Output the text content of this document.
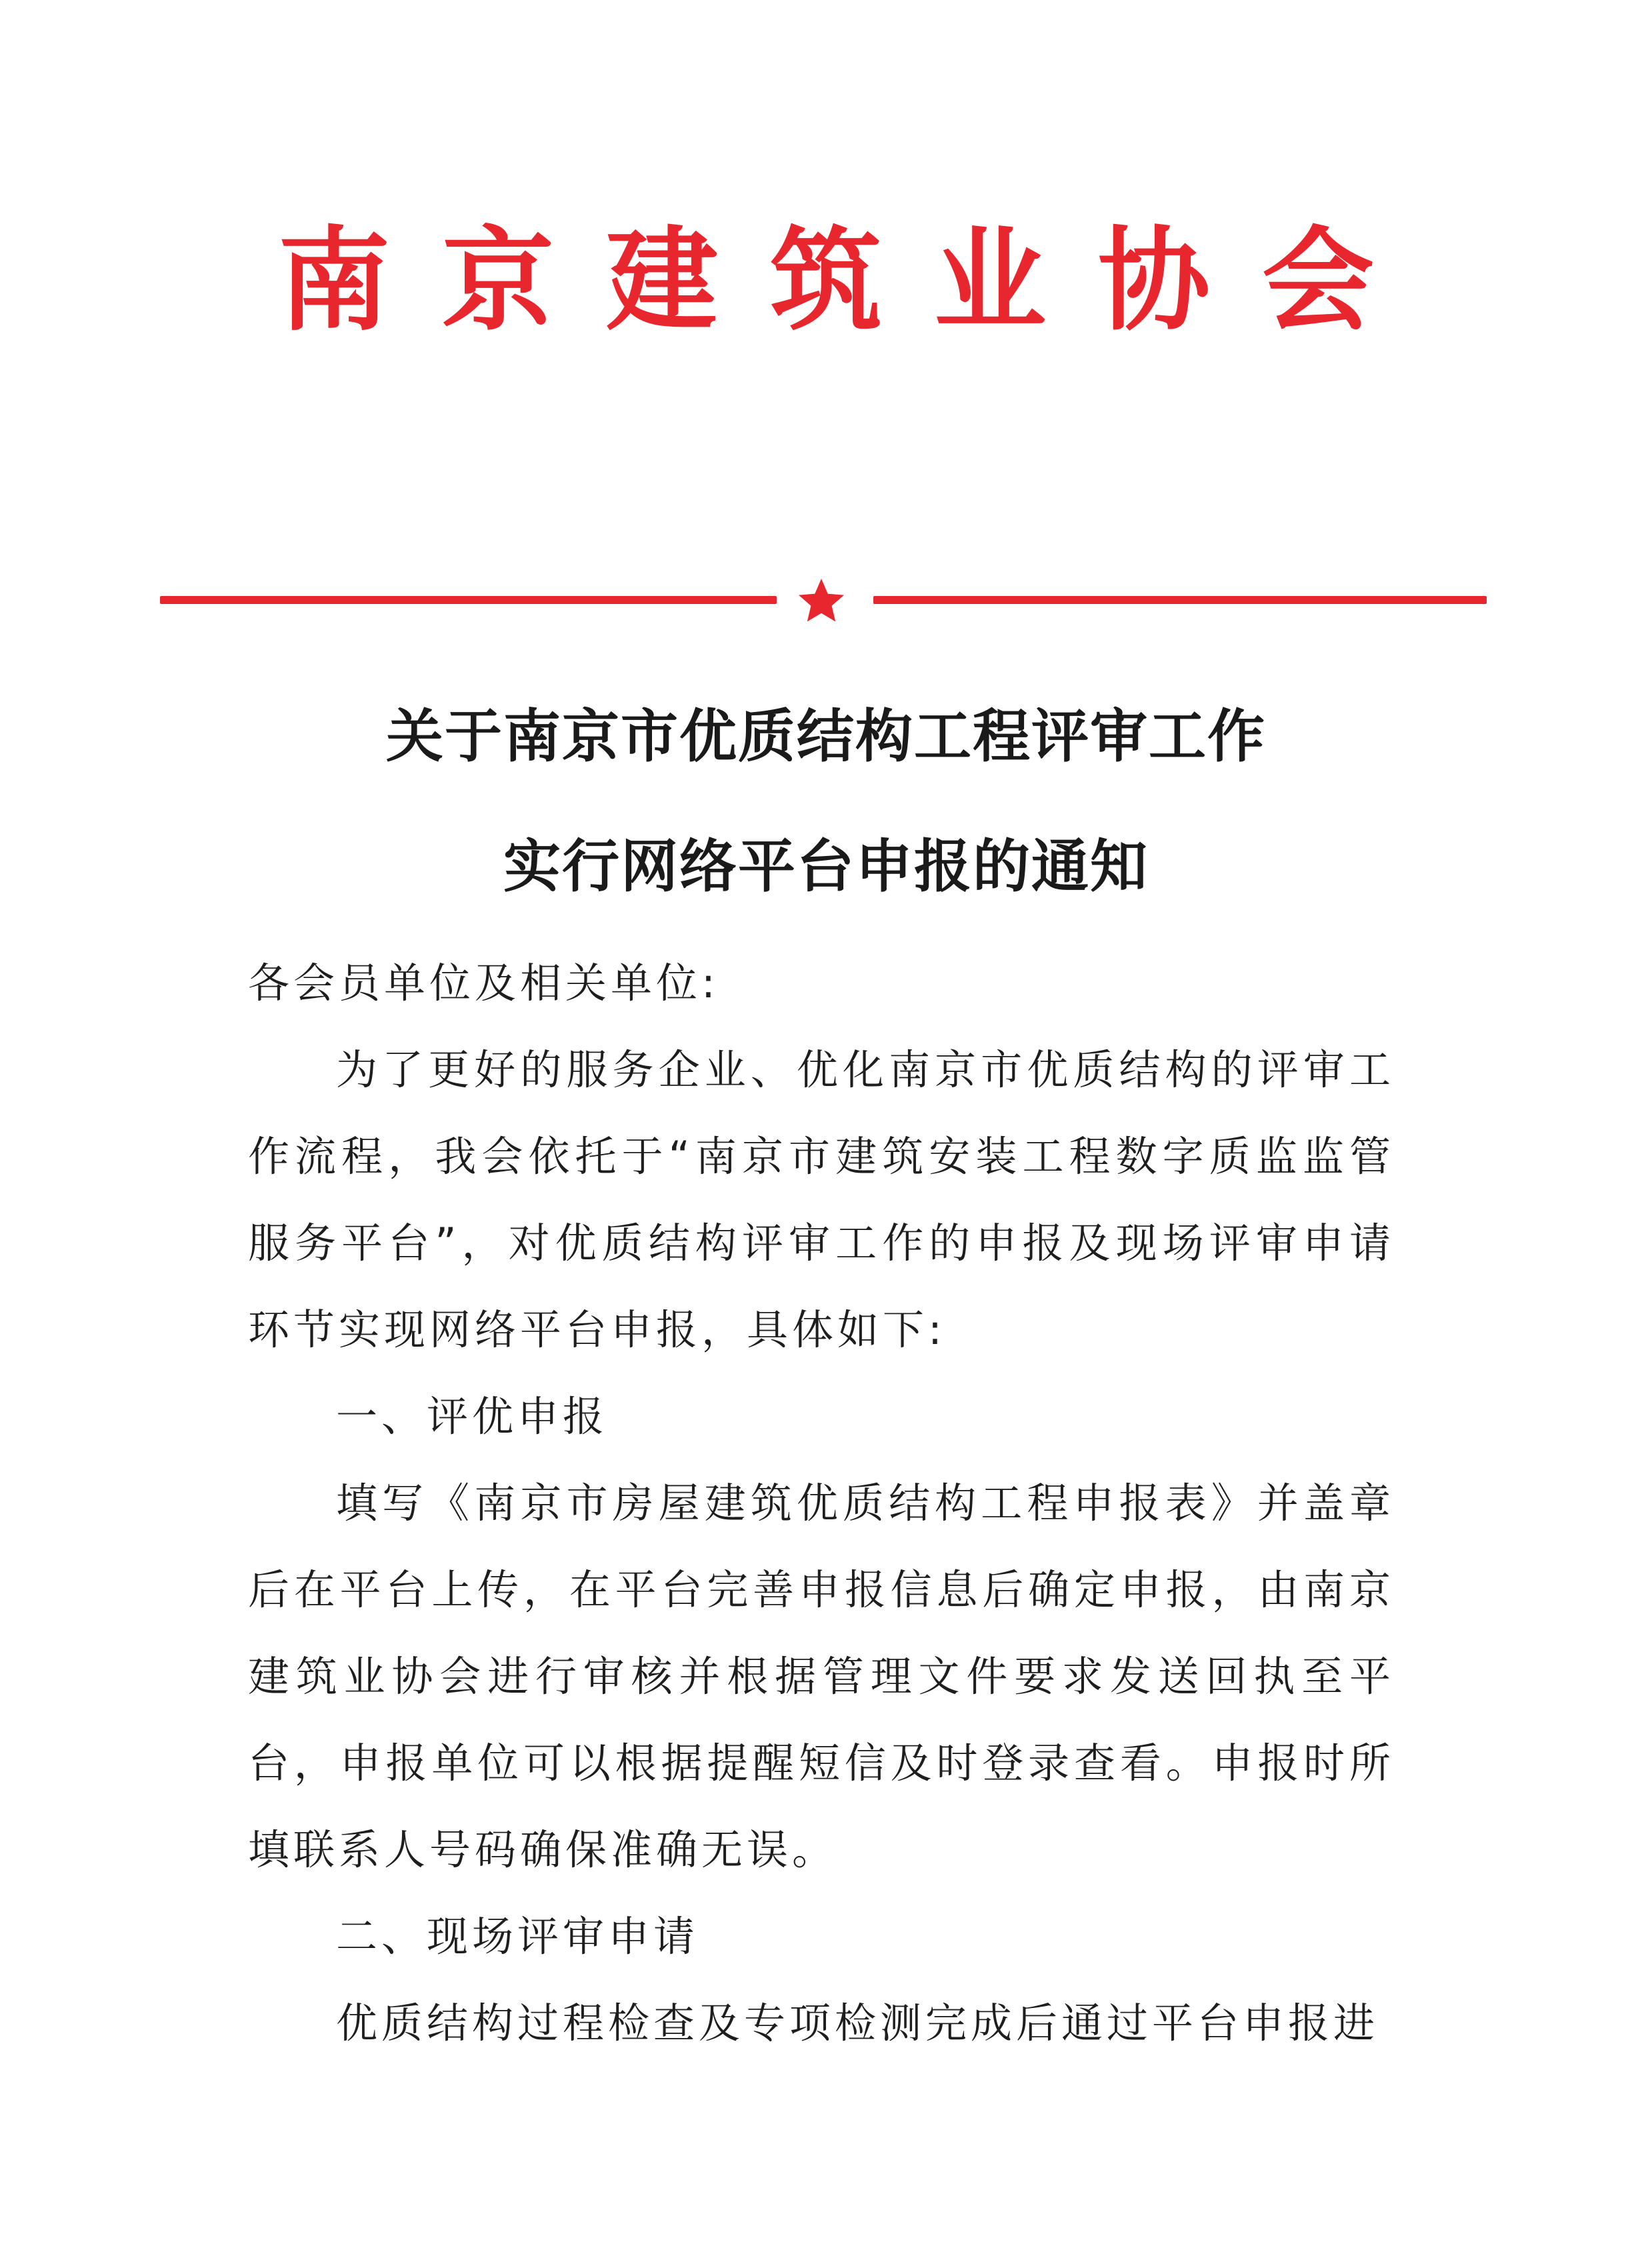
南京建筑业协会
关于南京市优质结构工程评审工作
实行网络平台申报的通知

各会员单位及相关单位:

为了更好的服务企业、优化南京市优质结构的评审工作流程，我会依托于“南京市建筑安装工程数字质监监管服务平台”，对优质结构评审工作的申报及现场评审申请环节实现网络平台申报，具体如下:

一、评优申报

填写《南京市房屋建筑优质结构工程申报表》并盖章后在平台上传，在平台完善申报信息后确定申报，由南京建筑业协会进行审核并根据管理文件要求发送回执至平台，申报单位可以根据提醒短信及时登录查看。申报时所填联系人号码确保准确无误。

二、现场评审申请

优质结构过程检查及专项检测完成后通过平台申报进
